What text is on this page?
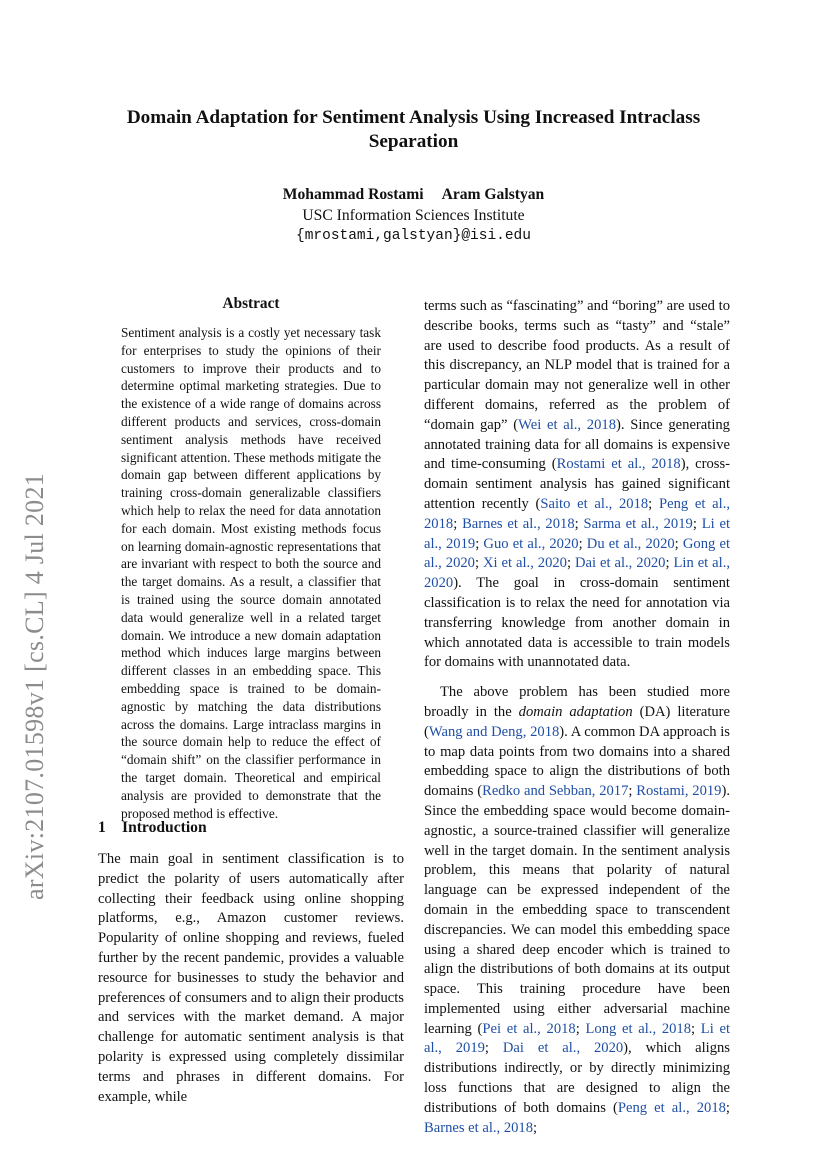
arXiv:2107.01598v1 [cs.CL] 4 Jul 2021
Domain Adaptation for Sentiment Analysis Using Increased Intraclass Separation
Mohammad Rostami Aram Galstyan
USC Information Sciences Institute
{mrostami,galstyan}@isi.edu
Abstract

Sentiment analysis is a costly yet necessary task for enterprises to study the opinions of their customers to improve their products and to determine optimal marketing strategies. Due to the existence of a wide range of domains across different products and services, cross-domain sentiment analysis methods have received significant attention. These methods mitigate the domain gap between different applications by training cross-domain generalizable classifiers which help to relax the need for data annotation for each domain. Most existing methods focus on learning domain-agnostic representations that are invariant with respect to both the source and the target domains. As a result, a classifier that is trained using the source domain annotated data would generalize well in a related target domain. We introduce a new domain adaptation method which induces large margins between different classes in an embedding space. This embedding space is trained to be domain-agnostic by matching the data distributions across the domains. Large intraclass margins in the source domain help to reduce the effect of “domain shift” on the classifier performance in the target domain. Theoretical and empirical analysis are provided to demonstrate that the proposed method is effective.

1 Introduction

The main goal in sentiment classification is to predict the polarity of users automatically after collecting their feedback using online shopping platforms, e.g., Amazon customer reviews. Popularity of online shopping and reviews, fueled further by the recent pandemic, provides a valuable resource for businesses to study the behavior and preferences of consumers and to align their products and services with the market demand. A major challenge for automatic sentiment analysis is that polarity is expressed using completely dissimilar terms and phrases in different domains. For example, while

terms such as “fascinating” and “boring” are used to describe books, terms such as “tasty” and “stale” are used to describe food products. As a result of this discrepancy, an NLP model that is trained for a particular domain may not generalize well in other different domains, referred as the problem of “domain gap” (Wei et al., 2018). Since generating annotated training data for all domains is expensive and time-consuming (Rostami et al., 2018), cross-domain sentiment analysis has gained significant attention recently (Saito et al., 2018; Peng et al., 2018; Barnes et al., 2018; Sarma et al., 2019; Li et al., 2019; Guo et al., 2020; Du et al., 2020; Gong et al., 2020; Xi et al., 2020; Dai et al., 2020; Lin et al., 2020). The goal in cross-domain sentiment classification is to relax the need for annotation via transferring knowledge from another domain in which annotated data is accessible to train models for domains with unannotated data.

The above problem has been studied more broadly in the domain adaptation (DA) literature (Wang and Deng, 2018). A common DA approach is to map data points from two domains into a shared embedding space to align the distributions of both domains (Redko and Sebban, 2017; Rostami, 2019). Since the embedding space would become domain-agnostic, a source-trained classifier will generalize well in the target domain. In the sentiment analysis problem, this means that polarity of natural language can be expressed independent of the domain in the embedding space to transcendent discrepancies. We can model this embedding space using a shared deep encoder which is trained to align the distributions of both domains at its output space. This training procedure have been implemented using either adversarial machine learning (Pei et al., 2018; Long et al., 2018; Li et al., 2019; Dai et al., 2020), which aligns distributions indirectly, or by directly minimizing loss functions that are designed to align the distributions of both domains (Peng et al., 2018; Barnes et al., 2018;
